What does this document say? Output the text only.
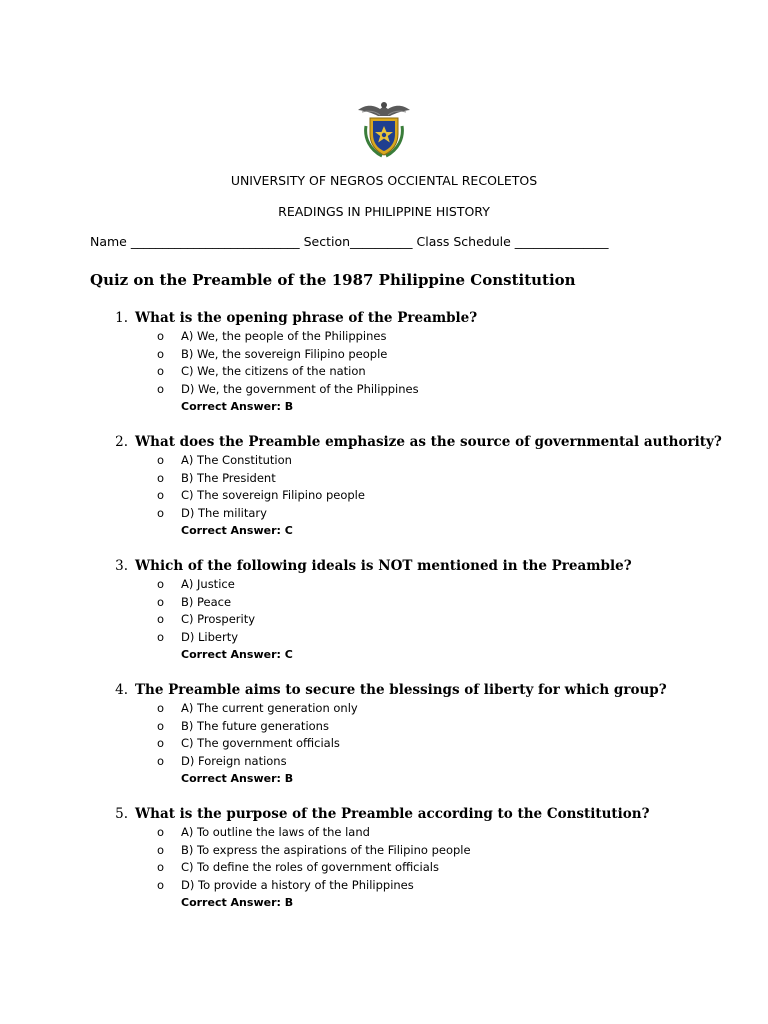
UNIVERSITY OF NEGROS OCCIENTAL RECOLETOS
READINGS IN PHILIPPINE HISTORY
Name ___________________________ Section__________ Class Schedule _______________
Quiz on the Preamble of the 1987 Philippine Constitution
1. What is the opening phrase of the Preamble?
o A) We, the people of the Philippines
o B) We, the sovereign Filipino people
o C) We, the citizens of the nation
o D) We, the government of the Philippines
Correct Answer: B
2. What does the Preamble emphasize as the source of governmental authority?
o A) The Constitution
o B) The President
o C) The sovereign Filipino people
o D) The military
Correct Answer: C
3. Which of the following ideals is NOT mentioned in the Preamble?
o A) Justice
o B) Peace
o C) Prosperity
o D) Liberty
Correct Answer: C
4. The Preamble aims to secure the blessings of liberty for which group?
o A) The current generation only
o B) The future generations
o C) The government officials
o D) Foreign nations
Correct Answer: B
5. What is the purpose of the Preamble according to the Constitution?
o A) To outline the laws of the land
o B) To express the aspirations of the Filipino people
o C) To define the roles of government officials
o D) To provide a history of the Philippines
Correct Answer: B
